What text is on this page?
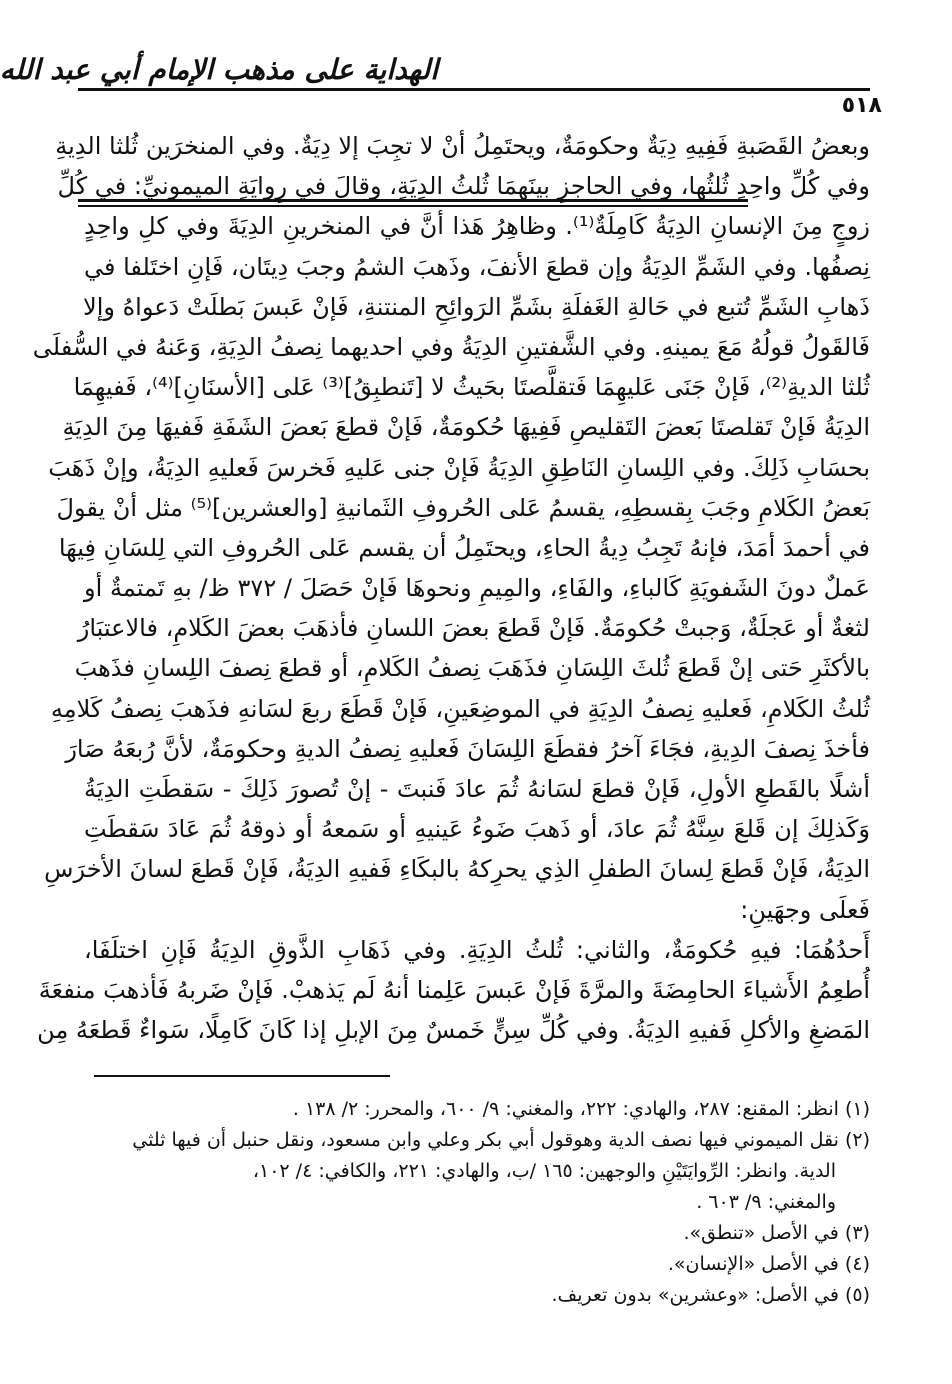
الهداية على مذهب الإمام أبي عبد الله
٥١٨
وبعضُ القَصَبةِ فَفِيهِ دِيَةٌ وحكومَةٌ، ويحتَمِلُ أنْ لا تجِبَ إلا دِيَةٌ. وفي المنخرَين ثُلثا الدِيةِ
وفي كُلِّ واحِدٍ ثُلثُها، وفي الحاجزِ بينَهمَا ثُلثُ الدِيَةِ، وقالَ في رِوايَةِ الميمونيِّ: في كُلِّ
زوجٍ مِنَ الإنسانِ الدِيَةُ كَامِلَةٌ⁽¹⁾. وظاهِرُ هَذا أنَّ في المنخرينِ الدِيَةَ وفي كلِ واحِدٍ
نِصفُها. وفي الشَمِّ الدِيَةُ وإن قطعَ الأنفَ، وذَهبَ الشمُ وجبَ دِيتَان، فَإنِ اختَلفا في
ذَهابِ الشَمِّ تُتبع في حَالةِ الغَفلَةِ بشَمِّ الرَوائِحِ المنتنةِ، فَإنْ عَبسَ بَطلَتْ دَعواهُ وإلا
فَالقَولُ قولُهُ مَعَ يمينهِ. وفي الشَّفتينِ الدِيَةُ وفي احديهما نِصفُ الدِيَةِ، وَعَنهُ في السُّفلَى
ثُلثا الديةِ⁽²⁾، فَإنْ جَنَى عَليهِمَا فَتقلَّصتَا بحَيثُ لا [تَنطبِقُ]⁽³⁾ عَلى [الأسنَانِ]⁽⁴⁾، فَفيهِمَا
الدِيَةُ فَإنْ تَقلصتَا بَعضَ التَقليصِ فَفِيهَا حُكومَةٌ، فَإنْ قطعَ بَعضَ الشَفَةِ فَفيهَا مِنَ الدِيَةِ
بحسَابِ ذَلِكَ. وفي اللِسانِ النَاطِقِ الدِيَةُ فَإنْ جنى عَليهِ فَخرسَ فَعليهِ الدِيَةُ، وإنْ ذَهَبَ
بَعضُ الكَلامِ وجَبَ بِقسطِهِ، يقسمُ عَلى الحُروفِ الثَمانيةِ [والعشرين]⁽⁵⁾ مثل أنْ يقولَ
في أحمدَ أمَدَ، فإنهُ تَجِبُ دِيةُ الحاءِ، ويحتَمِلُ أن يقسم عَلى الحُروفِ التي لِلسَانِ فِيهَا
عَملٌ دونَ الشَفويَةِ كَالباءِ، والفَاءِ، والمِيمِ ونحوهَا فَإنْ حَصَلَ / ٣٧٢ ظ/ بهِ تَمتمةٌ أو
لثغةٌ أو عَجلَةٌ، وَجبتْ حُكومَةٌ. فَإنْ قَطعَ بعضَ اللسانِ فأذهَبَ بعضَ الكَلامِ، فالاعتبَارُ
بالأكثَرِ حَتى إنْ قَطعَ ثُلثَ اللِسَانِ فذَهَبَ نِصفُ الكَلامِ، أو قطعَ نِصفَ اللِسانِ فذَهبَ
ثُلثُ الكَلامِ، فَعليهِ نِصفُ الدِيَةِ في الموضِعَينِ، فَإنْ قَطَعَ ربعَ لسَانهِ فذَهبَ نِصفُ كَلامِهِ
فأخذَ نِصفَ الدِيةِ، فجَاءَ آخرُ فقطَعَ اللِسَانَ فَعليهِ نِصفُ الديةِ وحكومَةٌ، لأنَّ رُبعَهُ صَارَ
أشلًا بالقَطعِ الأولِ، فَإنْ قطعَ لسَانهُ ثُمَ عادَ فَنبتَ - إنْ تُصورَ ذَلِكَ - سَقطَتِ الدِيَةُ
وَكَذلِكَ إن قَلعَ سِنَّهُ ثُمَ عادَ، أو ذَهبَ ضَوءُ عَينيهِ أو سَمعهُ أو ذوقهُ ثُمَ عَادَ سَقطَتِ
الدِيَةُ، فَإنْ قَطعَ لِسانَ الطفلِ الذِي يحرِكهُ بالبكَاءِ فَفيهِ الدِيَةُ، فَإنْ قَطعَ لسانَ الأخرَسِ
فَعلَى وجهَينِ:
أَحدُهُمَا: فيهِ حُكومَةٌ، والثاني: ثُلثُ الدِيَةِ. وفي ذَهَابِ الذَّوقِ الدِيَةُ فَإنِ اختلَفَا،
أُطعِمُ الأَشياءَ الحامِضَةَ والمرَّةَ فَإنْ عَبسَ عَلِمنا أنهُ لَم يَذهبْ. فَإنْ ضَربهُ فَأذهبَ منفعَةَ
المَضغِ والأكلِ فَفيهِ الدِيَةُ. وفي كُلِّ سِنٍّ خَمسٌ مِنَ الإبلِ إذا كَانَ كَامِلًا، سَواءٌ قَطعَهُ مِن
(١) انظر: المقنع: ٢٨٧، والهادي: ٢٢٢، والمغني: ٩/ ٦٠٠، والمحرر: ٢/ ١٣٨ .
(٢) نقل الميموني فيها نصف الدية وهوقول أبي بكر وعلي وابن مسعود، ونقل حنبل أن فيها ثلثي
الدية. وانظر: الرِّوايَتَيْنِ والوجهين: ١٦٥ /ب، والهادي: ٢٢١، والكافي: ٤/ ١٠٢،
والمغني: ٩/ ٦٠٣ .
(٣) في الأصل «تنطق».
(٤) في الأصل «الإنسان».
(٥) في الأصل: «وعشرين» بدون تعريف.
